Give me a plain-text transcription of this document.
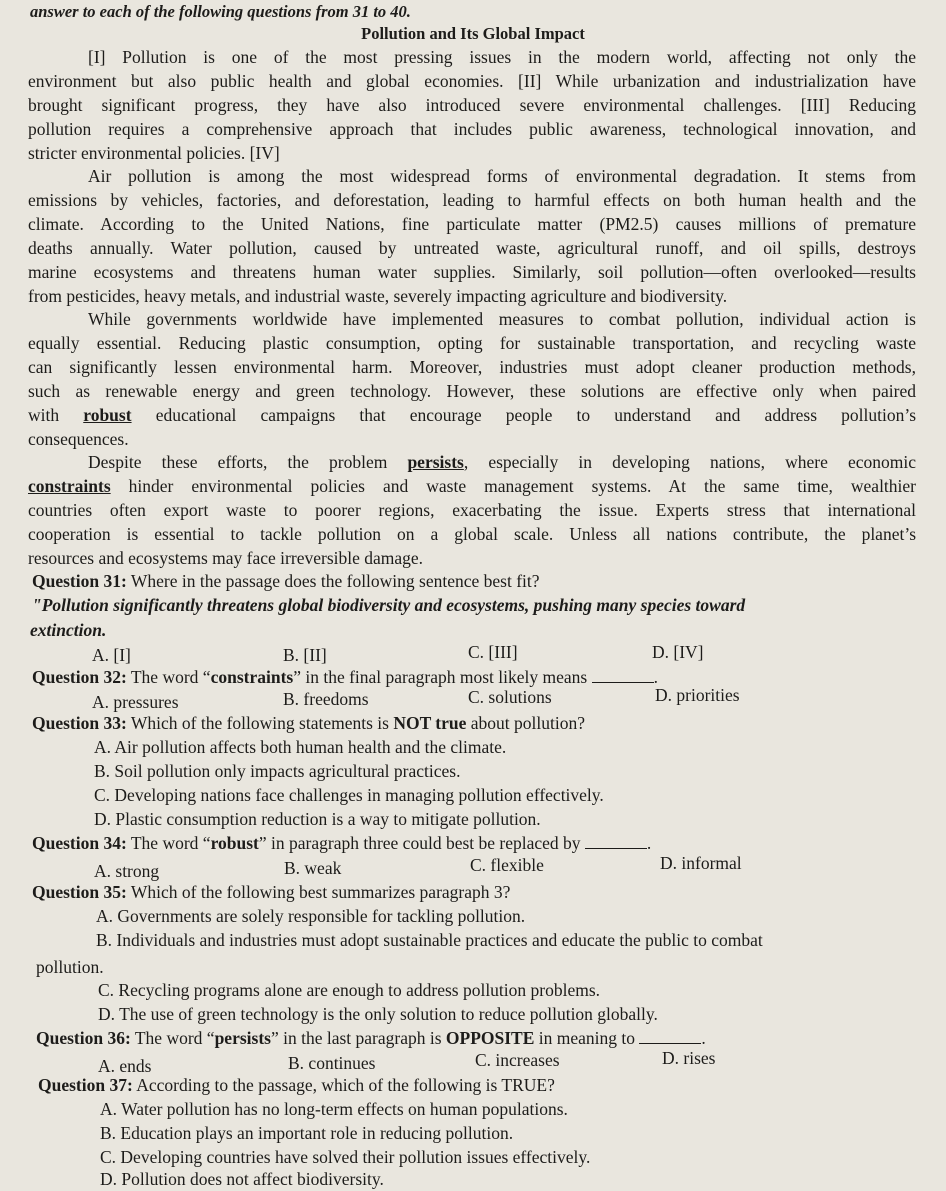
answer to each of the following questions from 31 to 40.
Pollution and Its Global Impact
[I] Pollution is one of the most pressing issues in the modern world, affecting not only the
environment but also public health and global economies. [II] While urbanization and industrialization have
brought significant progress, they have also introduced severe environmental challenges. [III] Reducing
pollution requires a comprehensive approach that includes public awareness, technological innovation, and
stricter environmental policies. [IV]
Air pollution is among the most widespread forms of environmental degradation. It stems from
emissions by vehicles, factories, and deforestation, leading to harmful effects on both human health and the
climate. According to the United Nations, fine particulate matter (PM2.5) causes millions of premature
deaths annually. Water pollution, caused by untreated waste, agricultural runoff, and oil spills, destroys
marine ecosystems and threatens human water supplies. Similarly, soil pollution—often overlooked—results
from pesticides, heavy metals, and industrial waste, severely impacting agriculture and biodiversity.
While governments worldwide have implemented measures to combat pollution, individual action is
equally essential. Reducing plastic consumption, opting for sustainable transportation, and recycling waste
can significantly lessen environmental harm. Moreover, industries must adopt cleaner production methods,
such as renewable energy and green technology. However, these solutions are effective only when paired
with robust educational campaigns that encourage people to understand and address pollution’s
consequences.
Despite these efforts, the problem persists, especially in developing nations, where economic
constraints hinder environmental policies and waste management systems. At the same time, wealthier
countries often export waste to poorer regions, exacerbating the issue. Experts stress that international
cooperation is essential to tackle pollution on a global scale. Unless all nations contribute, the planet’s
resources and ecosystems may face irreversible damage.
Question 31: Where in the passage does the following sentence best fit?
"Pollution significantly threatens global biodiversity and ecosystems, pushing many species toward
extinction.
A. [I]	B. [II]	C. [III]	D. [IV]
Question 32: The word “constraints” in the final paragraph most likely means	.
A. pressures	B. freedoms	C. solutions	D. priorities
Question 33: Which of the following statements is NOT true about pollution?
A. Air pollution affects both human health and the climate.
B. Soil pollution only impacts agricultural practices.
C. Developing nations face challenges in managing pollution effectively.
D. Plastic consumption reduction is a way to mitigate pollution.
Question 34: The word “robust” in paragraph three could best be replaced by	.
A. strong	B. weak	C. flexible	D. informal
Question 35: Which of the following best summarizes paragraph 3?
A. Governments are solely responsible for tackling pollution.
B. Individuals and industries must adopt sustainable practices and educate the public to combat
pollution.
C. Recycling programs alone are enough to address pollution problems.
D. The use of green technology is the only solution to reduce pollution globally.
Question 36: The word “persists” in the last paragraph is OPPOSITE in meaning to	.
A. ends	B. continues	C. increases	D. rises
Question 37: According to the passage, which of the following is TRUE?
A. Water pollution has no long-term effects on human populations.
B. Education plays an important role in reducing pollution.
C. Developing countries have solved their pollution issues effectively.
D. Pollution does not affect biodiversity.
